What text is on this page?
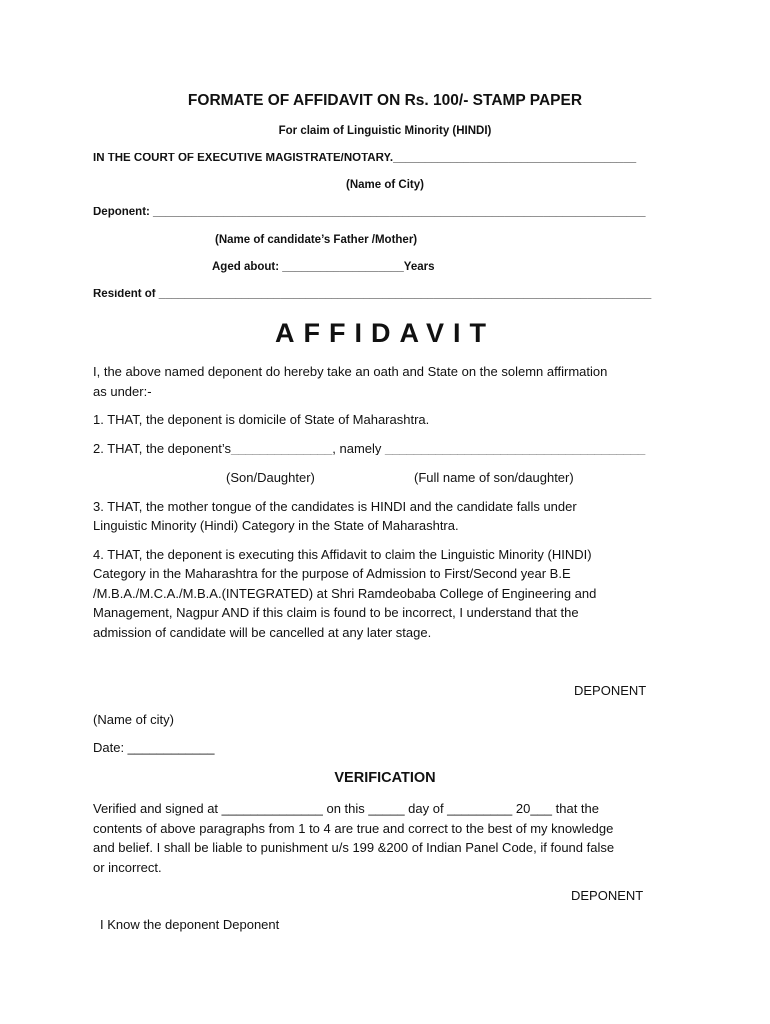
FORMATE OF AFFIDAVIT ON Rs. 100/- STAMP PAPER
For claim of Linguistic Minority (HINDI)
IN THE COURT OF EXECUTIVE MAGISTRATE/NOTARY.______________________________________
(Name of City)
Deponent: _____________________________________________________________________________
(Name of candidate’s Father /Mother)
Aged about: ___________________Years
Resident of _____________________________________________________________________________
AFFIDAVIT
I, the above named deponent do hereby take an oath and State on the solemn affirmation
as under:-
1. THAT, the deponent is domicile of State of Maharashtra.
2. THAT, the deponent’s______________, namely ____________________________________
(Son/Daughter)	(Full name of son/daughter)
3. THAT, the mother tongue of the candidates is HINDI and the candidate falls under
Linguistic Minority (Hindi) Category in the State of Maharashtra.
4. THAT, the deponent is executing this Affidavit to claim the Linguistic Minority (HINDI)
Category in the Maharashtra for the purpose of Admission to First/Second year B.E
/M.B.A./M.C.A./M.B.A.(INTEGRATED) at Shri Ramdeobaba College of Engineering and
Management, Nagpur AND if this claim is found to be incorrect, I understand that the
admission of candidate will be cancelled at any later stage.
DEPONENT
(Name of city)
Date: ____________
VERIFICATION
Verified and signed at ______________ on this _____ day of _________ 20___ that the
contents of above paragraphs from 1 to 4 are true and correct to the best of my knowledge
and belief. I shall be liable to punishment u/s 199 &200 of Indian Panel Code, if found false
or incorrect.
DEPONENT
I Know the deponent Deponent
